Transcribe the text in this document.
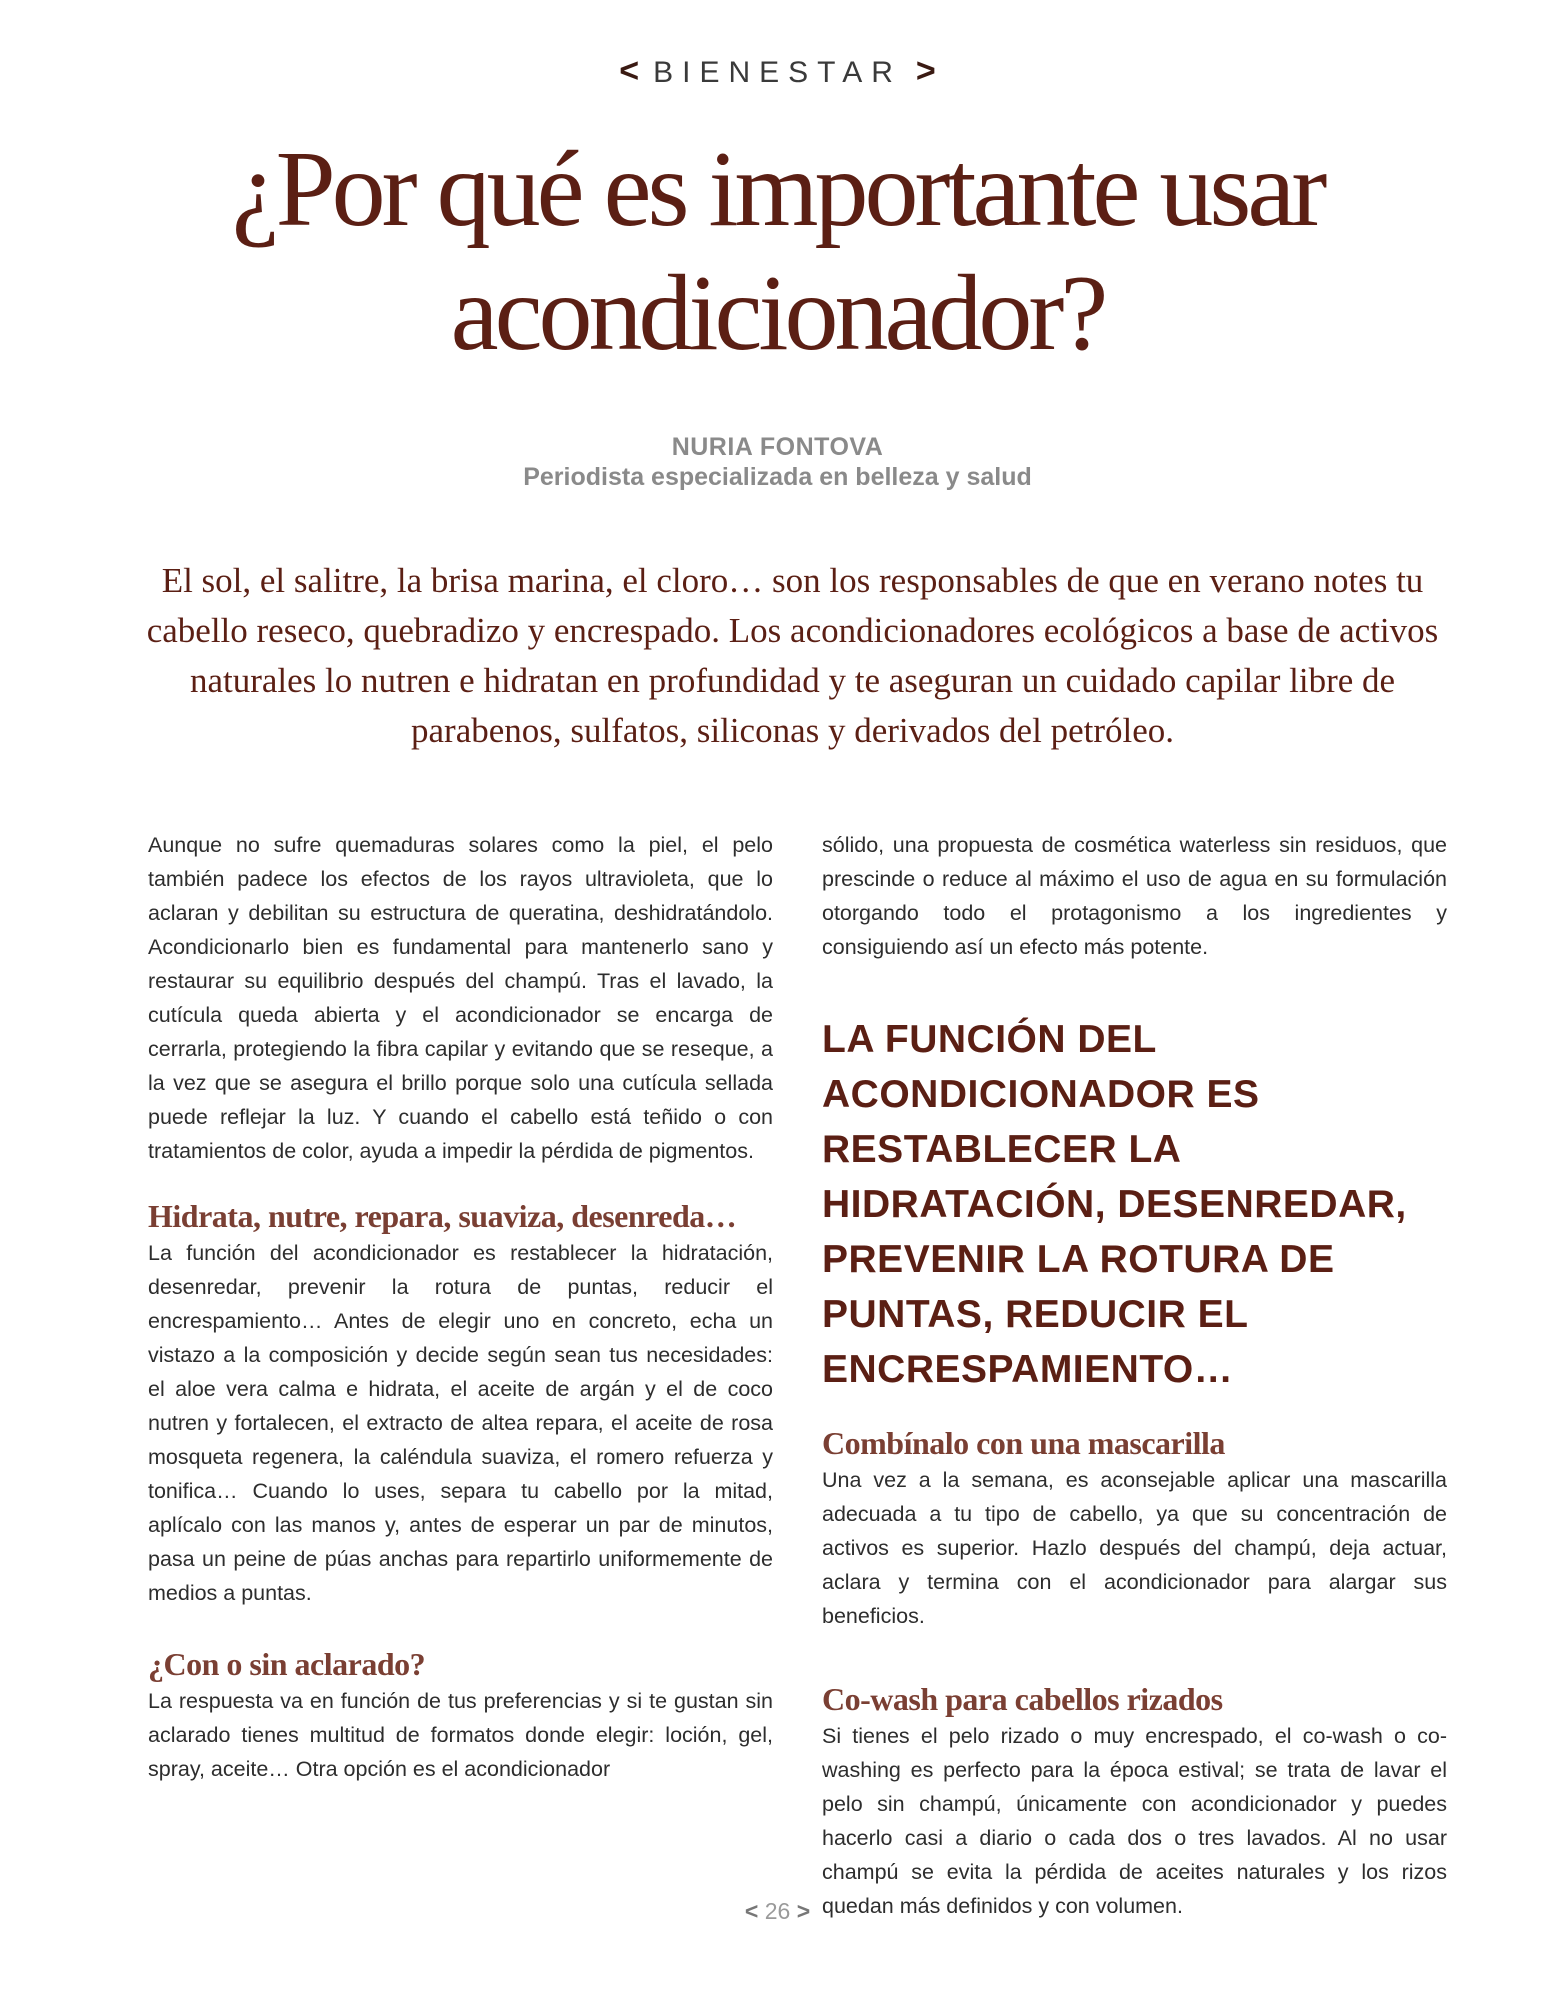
< BIENESTAR >
¿Por qué es importante usar acondicionador?
NURIA FONTOVA
Periodista especializada en belleza y salud

El sol, el salitre, la brisa marina, el cloro… son los responsables de que en verano notes tu cabello reseco, quebradizo y encrespado. Los acondicionadores ecológicos a base de activos naturales lo nutren e hidratan en profundidad y te aseguran un cuidado capilar libre de parabenos, sulfatos, siliconas y derivados del petróleo.

Aunque no sufre quemaduras solares como la piel, el pelo también padece los efectos de los rayos ultravioleta, que lo aclaran y debilitan su estructura de queratina, deshidratándolo. Acondicionarlo bien es fundamental para mantenerlo sano y restaurar su equilibrio después del champú. Tras el lavado, la cutícula queda abierta y el acondicionador se encarga de cerrarla, protegiendo la fibra capilar y evitando que se reseque, a la vez que se asegura el brillo porque solo una cutícula sellada puede reflejar la luz. Y cuando el cabello está teñido o con tratamientos de color, ayuda a impedir la pérdida de pigmentos.

Hidrata, nutre, repara, suaviza, desenreda…

La función del acondicionador es restablecer la hidratación, desenredar, prevenir la rotura de puntas, reducir el encrespamiento… Antes de elegir uno en concreto, echa un vistazo a la composición y decide según sean tus necesidades: el aloe vera calma e hidrata, el aceite de argán y el de coco nutren y fortalecen, el extracto de altea repara, el aceite de rosa mosqueta regenera, la caléndula suaviza, el romero refuerza y tonifica… Cuando lo uses, separa tu cabello por la mitad, aplícalo con las manos y, antes de esperar un par de minutos, pasa un peine de púas anchas para repartirlo uniformemente de medios a puntas.

¿Con o sin aclarado?

La respuesta va en función de tus preferencias y si te gustan sin aclarado tienes multitud de formatos donde elegir: loción, gel, spray, aceite… Otra opción es el acondicionador

sólido, una propuesta de cosmética waterless sin residuos, que prescinde o reduce al máximo el uso de agua en su formulación otorgando todo el protagonismo a los ingredientes y consiguiendo así un efecto más potente.

LA FUNCIÓN DEL ACONDICIONADOR ES RESTABLECER LA HIDRATACIÓN, DESENREDAR, PREVENIR LA ROTURA DE PUNTAS, REDUCIR EL ENCRESPAMIENTO…
Combínalo con una mascarilla

Una vez a la semana, es aconsejable aplicar una mascarilla adecuada a tu tipo de cabello, ya que su concentración de activos es superior. Hazlo después del champú, deja actuar, aclara y termina con el acondicionador para alargar sus beneficios.

Co-wash para cabellos rizados

Si tienes el pelo rizado o muy encrespado, el co-wash o co-washing es perfecto para la época estival; se trata de lavar el pelo sin champú, únicamente con acondicionador y puedes hacerlo casi a diario o cada dos o tres lavados. Al no usar champú se evita la pérdida de aceites naturales y los rizos quedan más definidos y con volumen.

< 26 >
